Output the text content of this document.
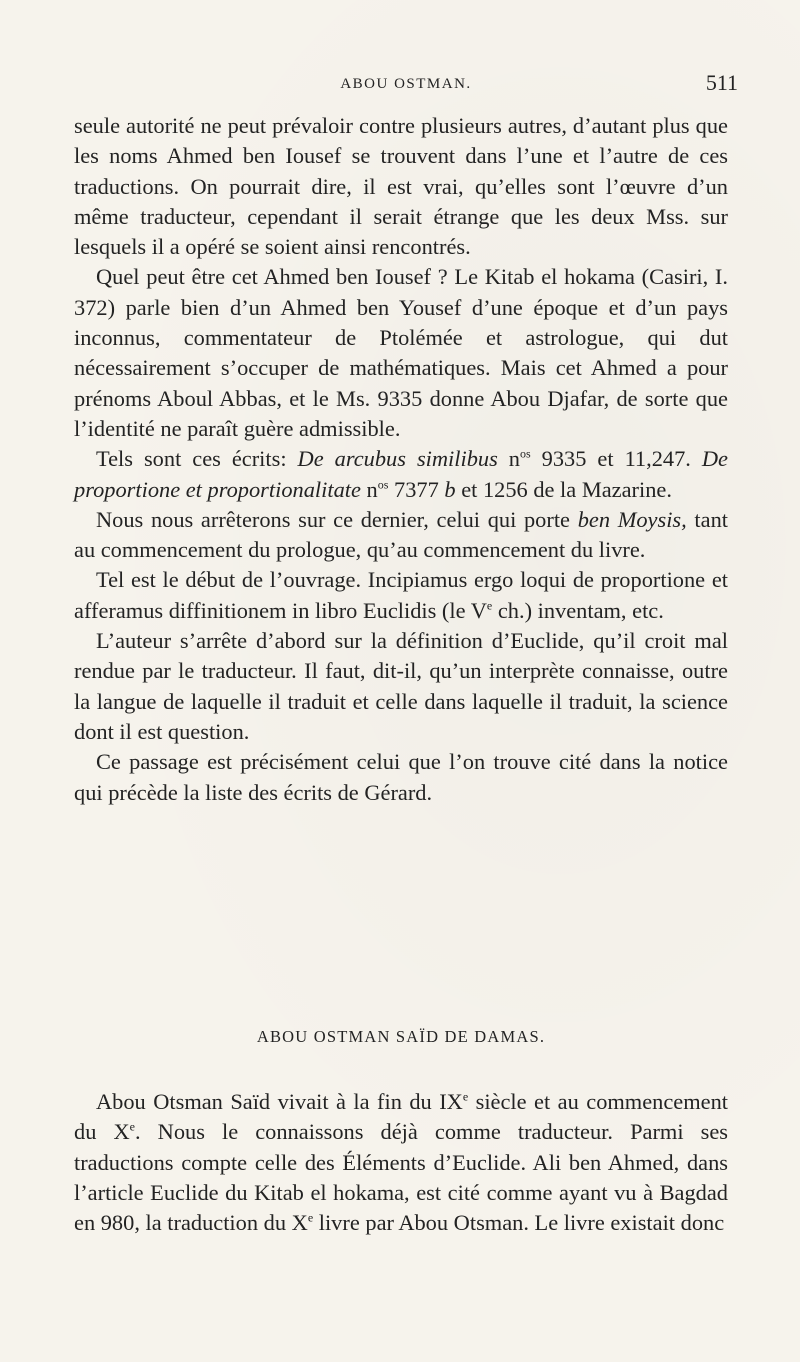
ABOU OSTMAN.	511

seule autorité ne peut prévaloir contre plusieurs autres, d’autant plus que les noms Ahmed ben Iousef se trouvent dans l’une et l’autre de ces traductions. On pourrait dire, il est vrai, qu’elles sont l’œuvre d’un même traducteur, cependant il serait étrange que les deux Mss. sur lesquels il a opéré se soient ainsi rencontrés.

Quel peut être cet Ahmed ben Iousef ? Le Kitab el hokama (Casiri, I. 372) parle bien d’un Ahmed ben Yousef d’une époque et d’un pays inconnus, commentateur de Ptolémée et astrologue, qui dut nécessairement s’occuper de mathématiques. Mais cet Ahmed a pour prénoms Aboul Abbas, et le Ms. 9335 donne Abou Djafar, de sorte que l’identité ne paraît guère admissible.

Tels sont ces écrits: De arcubus similibus $n^{os}$ 9335 et 11,247. De proportione et proportionalitate $n^{os}$ 7377 b et 1256 de la Mazarine.

Nous nous arrêterons sur ce dernier, celui qui porte ben Moysis, tant au commencement du prologue, qu’au commencement du livre.

Tel est le début de l’ouvrage. Incipiamus ergo loqui de proportione et afferamus diffinitionem in libro Euclidis (le Ve ch.) inventam, etc.

L’auteur s’arrête d’abord sur la définition d’Euclide, qu’il croit mal rendue par le traducteur. Il faut, dit-il, qu’un interprète connaisse, outre la langue de laquelle il traduit et celle dans laquelle il traduit, la science dont il est question.

Ce passage est précisément celui que l’on trouve cité dans la notice qui précède la liste des écrits de Gérard.

ABOU OSTMAN SAÏD DE DAMAS.

Abou Otsman Saïd vivait à la fin du IXe siècle et au commencement du Xe. Nous le connaissons déjà comme traducteur. Parmi ses traductions compte celle des Éléments d’Euclide. Ali ben Ahmed, dans l’article Euclide du Kitab el hokama, est cité comme ayant vu à Bagdad en 980, la traduction du Xe livre par Abou Otsman. Le livre existait donc
